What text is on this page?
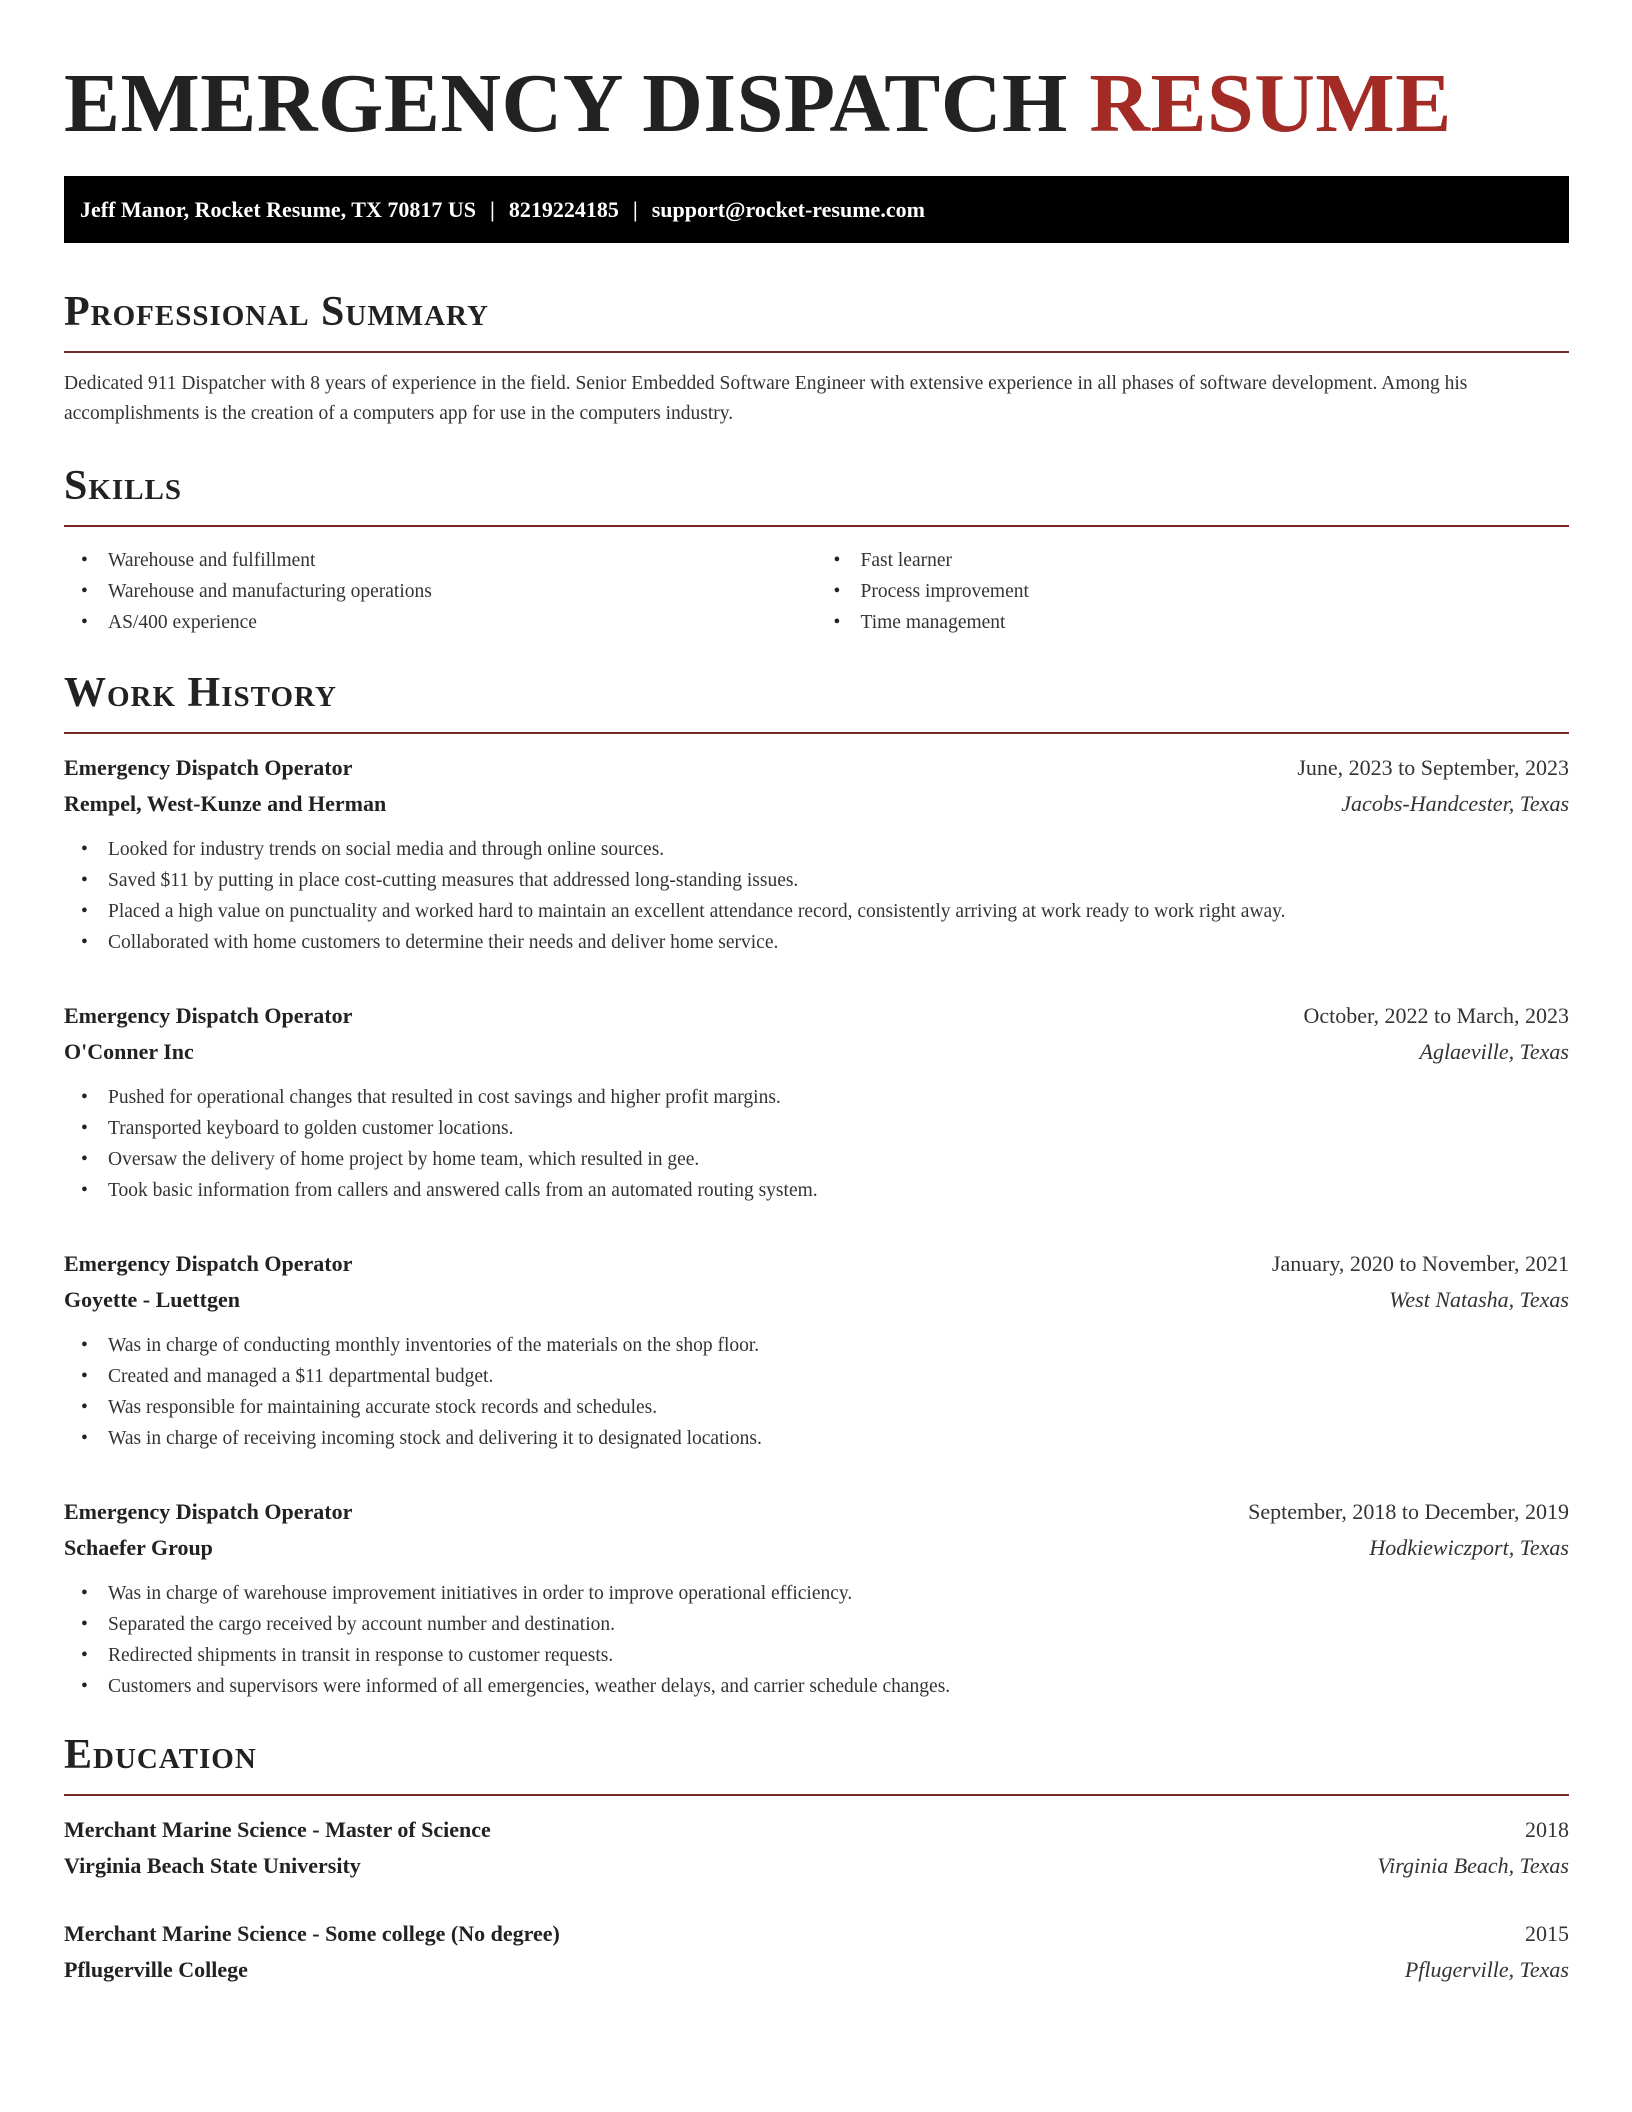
EMERGENCY DISPATCH RESUME
Jeff Manor, Rocket Resume, TX 70817 US | 8219224185 | support@rocket-resume.com
Professional Summary

Dedicated 911 Dispatcher with 8 years of experience in the field. Senior Embedded Software Engineer with extensive experience in all phases of software development. Among his accomplishments is the creation of a computers app for use in the computers industry.

Skills
• Warehouse and fulfillment
• Warehouse and manufacturing operations
• AS/400 experience
• Fast learner
• Process improvement
• Time management
Work History
Emergency Dispatch Operator	June, 2023 to September, 2023
Rempel, West-Kunze and Herman	Jacobs-Handcester, Texas
• Looked for industry trends on social media and through online sources.
• Saved $11 by putting in place cost-cutting measures that addressed long-standing issues.
• Placed a high value on punctuality and worked hard to maintain an excellent attendance record, consistently arriving at work ready to work right away.
• Collaborated with home customers to determine their needs and deliver home service.
Emergency Dispatch Operator	October, 2022 to March, 2023
O'Conner Inc	Aglaeville, Texas
• Pushed for operational changes that resulted in cost savings and higher profit margins.
• Transported keyboard to golden customer locations.
• Oversaw the delivery of home project by home team, which resulted in gee.
• Took basic information from callers and answered calls from an automated routing system.
Emergency Dispatch Operator	January, 2020 to November, 2021
Goyette - Luettgen	West Natasha, Texas
• Was in charge of conducting monthly inventories of the materials on the shop floor.
• Created and managed a $11 departmental budget.
• Was responsible for maintaining accurate stock records and schedules.
• Was in charge of receiving incoming stock and delivering it to designated locations.
Emergency Dispatch Operator	September, 2018 to December, 2019
Schaefer Group	Hodkiewiczport, Texas
• Was in charge of warehouse improvement initiatives in order to improve operational efficiency.
• Separated the cargo received by account number and destination.
• Redirected shipments in transit in response to customer requests.
• Customers and supervisors were informed of all emergencies, weather delays, and carrier schedule changes.
Education
Merchant Marine Science - Master of Science	2018
Virginia Beach State University	Virginia Beach, Texas
Merchant Marine Science - Some college (No degree)	2015
Pflugerville College	Pflugerville, Texas
